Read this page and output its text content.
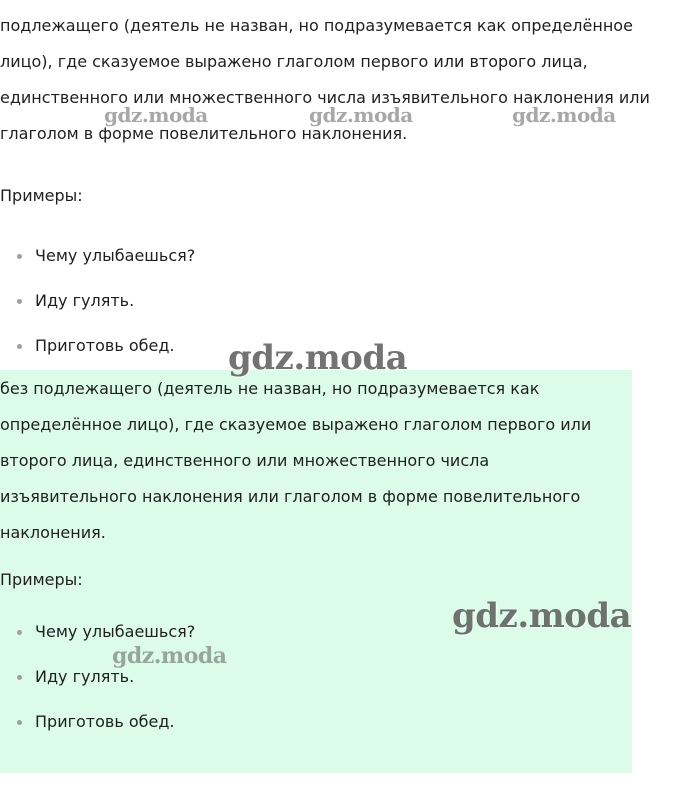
подлежащего (деятель не назван, но подразумевается как определённое лицо), где сказуемое выражено глаголом первого или второго лица, единственного или множественного числа изъявительного наклонения или глаголом в форме повелительного наклонения.

Примеры:

Чему улыбаешься?
Иду гулять.
Приготовь обед.

без подлежащего (деятель не назван, но подразумевается как определённое лицо), где сказуемое выражено глаголом первого или второго лица, единственного или множественного числа изъявительного наклонения или глаголом в форме повелительного наклонения.

Примеры:

Чему улыбаешься?
Иду гулять.
Приготовь обед.
gdz.moda	gdz.moda	gdz.moda
gdz.moda
gdz.moda
gdz.moda
